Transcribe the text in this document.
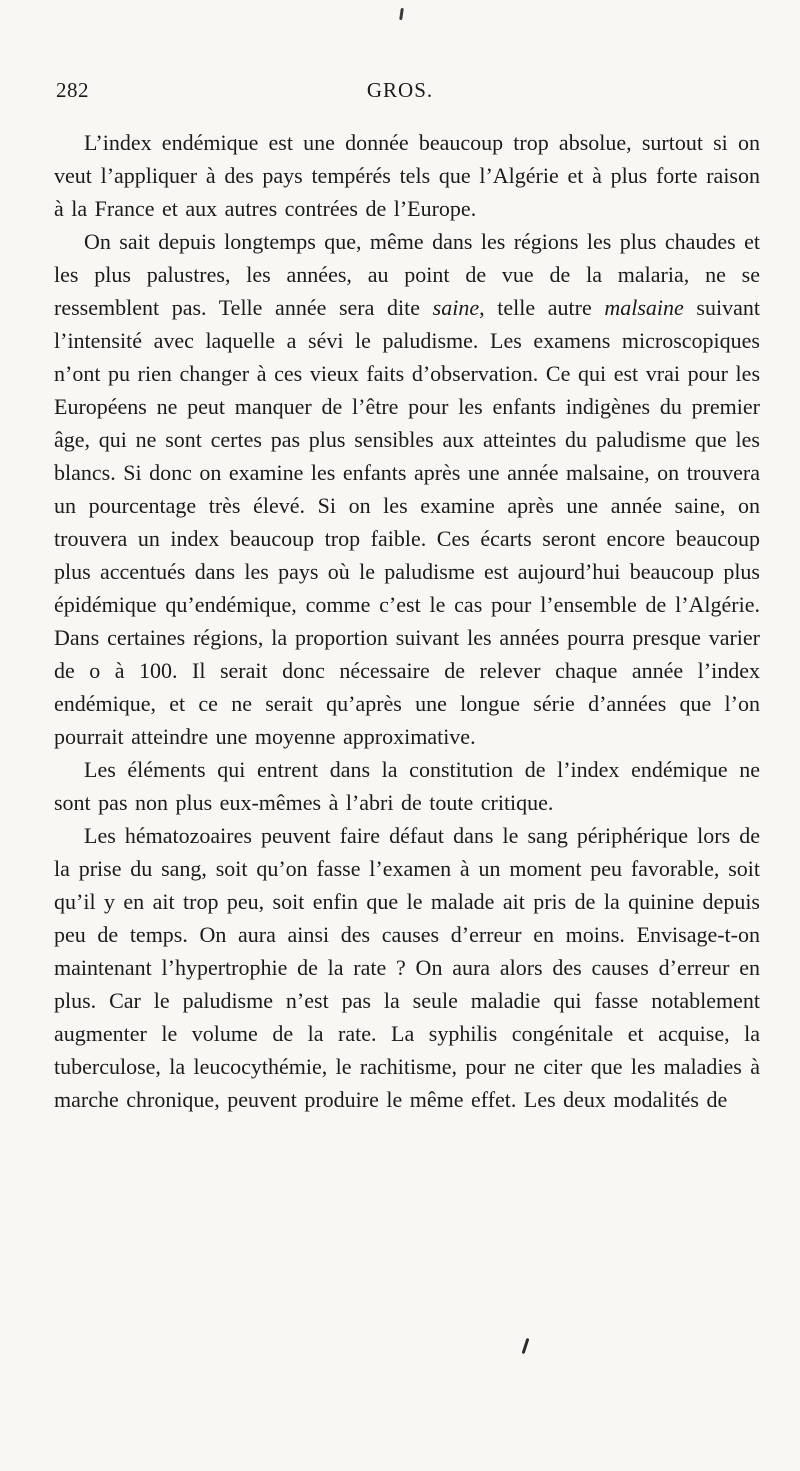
282	GROS.

L’index endémique est une donnée beaucoup trop absolue, surtout si on veut l’appliquer à des pays tempérés tels que l’Algérie et à plus forte raison à la France et aux autres contrées de l’Europe.

On sait depuis longtemps que, même dans les régions les plus chaudes et les plus palustres, les années, au point de vue de la malaria, ne se ressemblent pas. Telle année sera dite saine, telle autre malsaine suivant l’intensité avec laquelle a sévi le paludisme. Les examens microscopiques n’ont pu rien changer à ces vieux faits d’observation. Ce qui est vrai pour les Européens ne peut manquer de l’être pour les enfants indigènes du premier âge, qui ne sont certes pas plus sensibles aux atteintes du paludisme que les blancs. Si donc on examine les enfants après une année malsaine, on trouvera un pourcentage très élevé. Si on les examine après une année saine, on trouvera un index beaucoup trop faible. Ces écarts seront encore beaucoup plus accentués dans les pays où le paludisme est aujourd’hui beaucoup plus épidémique qu’endémique, comme c’est le cas pour l’ensemble de l’Algérie. Dans certaines régions, la proportion suivant les années pourra presque varier de o à 100. Il serait donc nécessaire de relever chaque année l’index endémique, et ce ne serait qu’après une longue série d’années que l’on pourrait atteindre une moyenne approximative.

Les éléments qui entrent dans la constitution de l’index endémique ne sont pas non plus eux-mêmes à l’abri de toute critique.

Les hématozoaires peuvent faire défaut dans le sang périphérique lors de la prise du sang, soit qu’on fasse l’examen à un moment peu favorable, soit qu’il y en ait trop peu, soit enfin que le malade ait pris de la quinine depuis peu de temps. On aura ainsi des causes d’erreur en moins. Envisage-t-on maintenant l’hypertrophie de la rate ? On aura alors des causes d’erreur en plus. Car le paludisme n’est pas la seule maladie qui fasse notablement augmenter le volume de la rate. La syphilis congénitale et acquise, la tuberculose, la leucocythémie, le rachitisme, pour ne citer que les maladies à marche chronique, peuvent produire le même effet. Les deux modalités de
